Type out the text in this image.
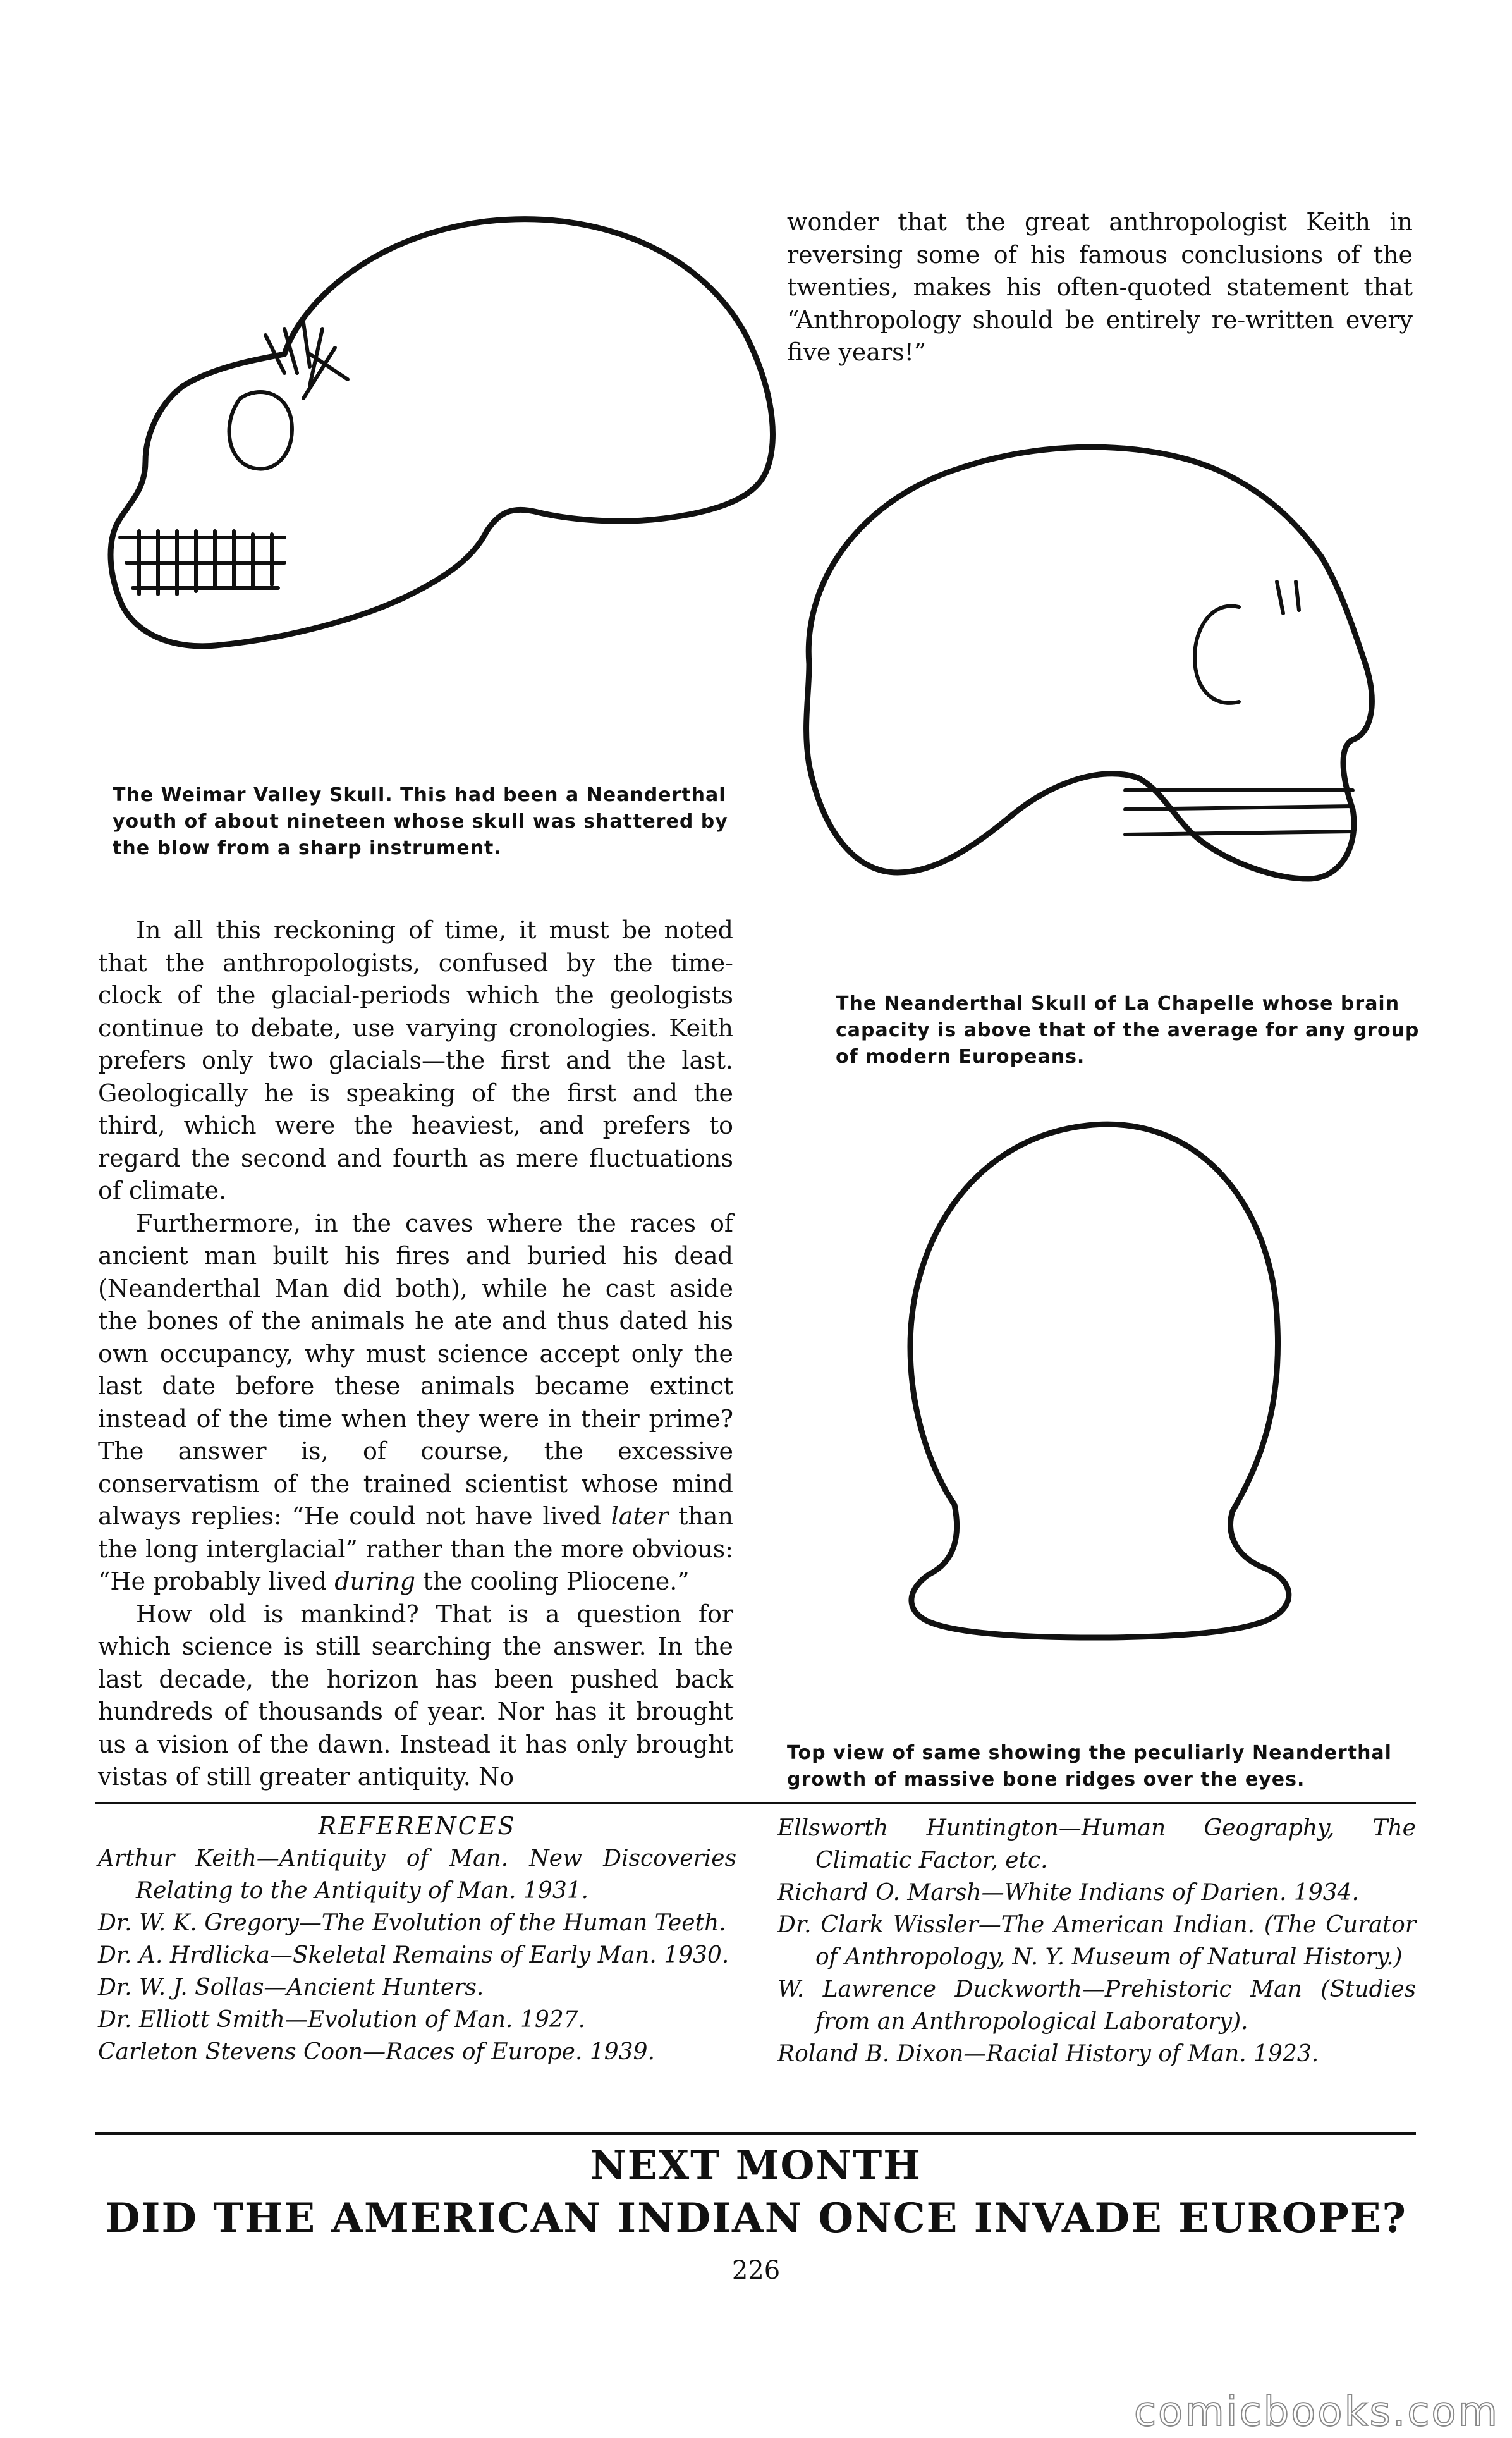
The Weimar Valley Skull. This had been a Neanderthal youth of about nineteen whose skull was shattered by the blow from a sharp instrument.

wonder that the great anthropologist Keith in reversing some of his famous conclusions of the twenties, makes his often-quoted statement that “Anthropology should be entirely re-written every five years!”

The Neanderthal Skull of La Chapelle whose brain capacity is above that of the average for any group of modern Europeans.

Top view of same showing the peculiarly Neanderthal growth of massive bone ridges over the eyes.

In all this reckoning of time, it must be noted that the anthropologists, confused by the time-clock of the glacial-periods which the geologists continue to debate, use varying cronologies. Keith prefers only two glacials—the first and the last. Geologically he is speaking of the first and the third, which were the heaviest, and prefers to regard the second and fourth as mere fluctuations of climate.

Furthermore, in the caves where the races of ancient man built his fires and buried his dead (Neanderthal Man did both), while he cast aside the bones of the animals he ate and thus dated his own occupancy, why must science accept only the last date before these animals became extinct instead of the time when they were in their prime? The answer is, of course, the excessive conservatism of the trained scientist whose mind always replies: “He could not have lived later than the long interglacial” rather than the more obvious: “He probably lived during the cooling Pliocene.”

How old is mankind? That is a question for which science is still searching the answer. In the last decade, the horizon has been pushed back hundreds of thousands of year. Nor has it brought us a vision of the dawn. Instead it has only brought vistas of still greater antiquity. No

REFERENCES

Arthur Keith—Antiquity of Man. New Discoveries Relating to the Antiquity of Man. 1931.

Dr. W. K. Gregory—The Evolution of the Human Teeth.

Dr. A. Hrdlicka—Skeletal Remains of Early Man. 1930.

Dr. W. J. Sollas—Ancient Hunters.

Dr. Elliott Smith—Evolution of Man. 1927.

Carleton Stevens Coon—Races of Europe. 1939.

Ellsworth Huntington—Human Geography, The Climatic Factor, etc.

Richard O. Marsh—White Indians of Darien. 1934.

Dr. Clark Wissler—The American Indian. (The Curator of Anthropology, N. Y. Museum of Natural History.)

W. Lawrence Duckworth—Prehistoric Man (Studies from an Anthropological Laboratory).

Roland B. Dixon—Racial History of Man. 1923.

NEXT MONTH
DID THE AMERICAN INDIAN ONCE INVADE EUROPE?
226
comicbooks.com
